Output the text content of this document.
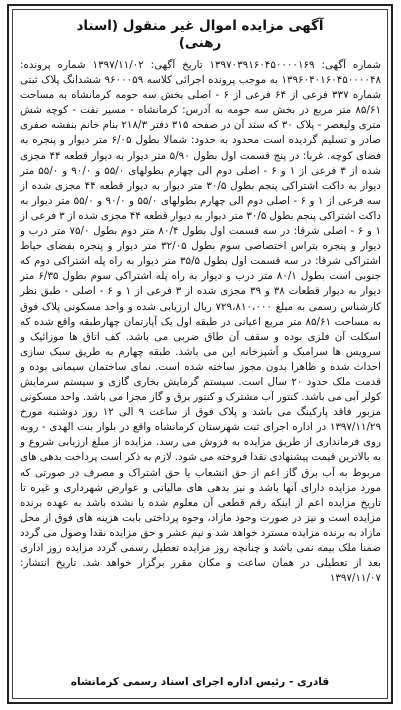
آگهی مزایده اموال غیر منقول (اسناد رهنی)
شماره آگهی: ۱۳۹۷۰۳۹۱۶۰۴۵۰۰۰۰۱۶۹ تاریخ آگهی: ۱۳۹۷/۱۱/۰۲ شماره پرونده: ۱۳۹۶۰۴۰۱۶۰۴۵۰۰۰۰۴۸ به موجب پرونده اجرائی کلاسه ۹۶۰۰۰۵۹ ششدانگ پلاک ثبتی شماره ۳۳۷ فرعی از ۶۴ فرعی از ۶ - اصلی بخش سه حومه کرمانشاه به مساحت ۸۵/۶۱ متر مربع در بخش سه حومه به آدرس: کرمانشاه - مسیر نفت - کوچه شش متری ولیعصر - پلاک ۳۰ که سند آن در صفحه ۳۱۵ دفتر ۲۱۸/۳ بنام خانم بنفشه صفری صادر و تسلیم گردیده است محدود به حدود: شمالا بطول ۶/۰۵ متر دیوار و پنجره به فضای کوچه. غربا: در پنج قسمت اول بطول ۵/۹۰ متر دیوار به دیوار قطعه ۴۴ مجزی شده از ۳ فرعی از ۱ و ۶ - اصلی دوم الی چهارم بطولهای ۵۵/۰ و ۹۰/۰ و ۵۵/۰ متر دیوار به داکت اشتراکی پنجم بطول ۳۰/۵ متر دیوار به دیوار قطعه ۴۴ مجزی شده از سه فرعی از ۱ و ۶ - اصلی دوم الی چهارم بطولهای ۵۵/۰ و ۹۰/۰ و ۵۵/۰ متر دیوار به داکت اشتراکی پنجم بطول ۳۰/۵ متر دیوار به دیوار قطعه ۴۴ مجزی شده از ۳ فرعی از ۱ و ۶ - اصلی شرقا: در سه قسمت اول بطول ۸۰/۴ متر دوم بطول ۷۵/۰ متر درب و دیوار و پنجره بتراس اختصاصی سوم بطول ۳۲/۰۵ متر دیوار و پنجره بفضای حیاط اشتراکی شرقا: در سه قسمت اول بطول ۳۵/۵ متر دیوار به راه پله اشتراکی دوم که جنوبی است بطول ۸۰/۱ متر درب و دیوار به راه پله اشتراکی سوم بطول ۶/۳۵ متر دیوار به دیوار قطعات ۳۸ و ۳۹ مجزی شده از ۳ فرعی از ۱ و ۶ - اصلی - طبق نظر کارشناس رسمی به مبلغ ۷۲۹،۸۱۰،۰۰۰ ریال ارزیابی شده و واحد مسکونی پلاک فوق به مساحت ۸۵/۶۱ متر مربع اعیانی در طبقه اول یک آپارتمان چهارطبقه واقع شده که اسکلت آن فلزی بوده و سقف آن طاق ضربی می باشد. کف اتاق ها موزائیک و سرویس ها سرامیک و آشپزخانه این می باشد. طبقه چهارم به طریق سبک سازی احداث شده و ظاهرا بدون مجوز ساخته شده است. نمای ساختمان سیمانی بوده و قدمت ملک حدود ۲۰ سال است. سیستم گرمایش بخاری گازی و سیستم سرمایش کولر آبی می باشد. کنتور آب مشترک و کنتور برق و گاز مجزا می باشد. واحد مسکونی مزبور فاقد پارکینگ می باشد و پلاک فوق از ساعت ۹ الی ۱۲ روز دوشنبه مورخ ۱۳۹۷/۱۱/۲۹ در اداره اجرای ثبت شهرستان کرمانشاه واقع در بلوار بنت الهدی - روبه روی فرمانداری از طریق مزایده به فروش می رسد. مزایده از مبلغ ارزیابی شروع و به بالاترین قیمت پیشنهادی نقدا فروخته می شود. لازم به ذکر است پرداخت بدهی های مربوط به آب برق گاز اعم از حق انشعاب یا حق اشتراک و مصرف در صورتی که مورد مزایده دارای آنها باشد و نیز بدهی های مالیاتی و عوارض شهرداری و غیره تا تاریخ مزایده اعم از اینکه رقم قطعی آن معلوم شده یا نشده باشد به عهده برنده مزایده است و نیز در صورت وجود مازاد، وجوه پرداختی بابت هزینه های فوق از محل مازاد به برنده مزایده مسترد خواهد شد و نیم عشر و حق مزایده نقدا وصول می گردد ضمنا ملک بیمه نمی باشد و چنانچه روز مزایده تعطیل رسمی گردد مزایده روز اداری بعد از تعطیلی در همان ساعت و مکان مقرر برگزار خواهد شد. تاریخ انتشار: ۱۳۹۷/۱۱/۰۷
قادری - رئیس اداره اجرای اسناد رسمی کرمانشاه
